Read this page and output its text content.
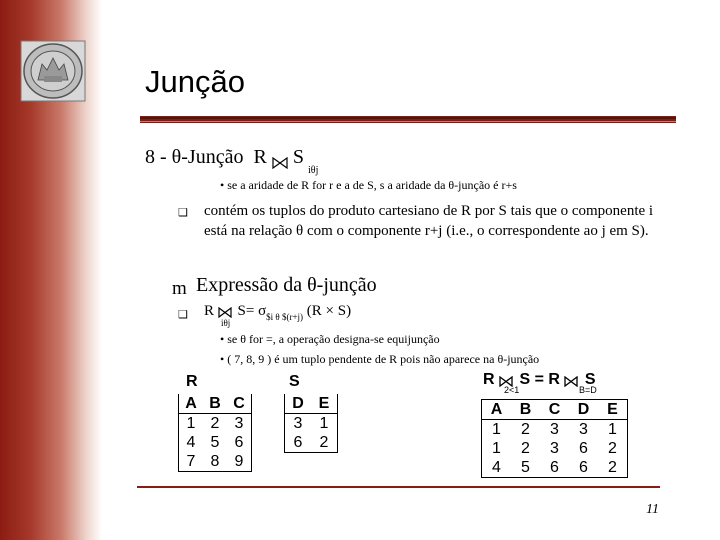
Junção
8 - θ-Junção R S
iθj
• se a aridade de R for r e a de S, s a aridade da θ-junção é r+s
❑ contém os tuplos do produto cartesiano de R por S tais que o componente i está na relação θ com o componente r+j (i.e., o correspondente ao j em S).
m Expressão da θ-junção
❑ R  $S= \sigma_{\$i \theta \$(r+j)}$ (R × S)
iθj
• se θ for =, a operação designa-se equijunção
• ( 7, 8, 9 ) é um tuplo pendente de R pois não aparece na θ-junção
R	S
A	B	C
1	2	3
4	5	6
7	8	9
D	E
3	1
6	2
R S = R S
2<1	B=D
A	B	C	D	E
1	2	3	3	1
1	2	3	6	2
4	5	6	6	2
11
